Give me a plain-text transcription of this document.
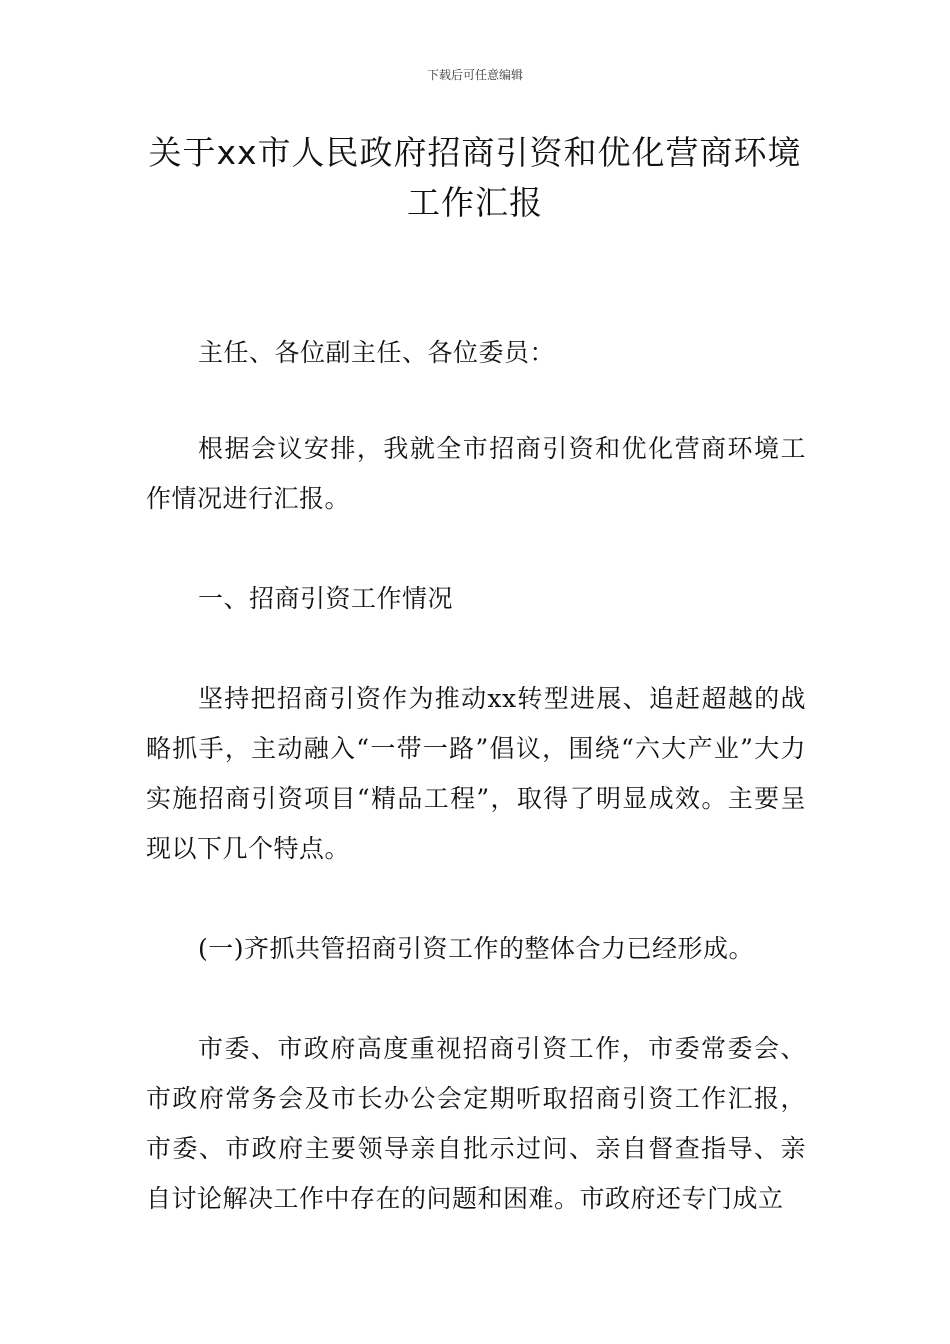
下载后可任意编辑
关于xx市人民政府招商引资和优化营商环境工作汇报

主任、各位副主任、各位委员：

根据会议安排，我就全市招商引资和优化营商环境工作情况进行汇报。

一、招商引资工作情况

坚持把招商引资作为推动xx转型进展、追赶超越的战略抓手，主动融入“一带一路”倡议，围绕“六大产业”大力实施招商引资项目“精品工程”，取得了明显成效。主要呈现以下几个特点。

(一)齐抓共管招商引资工作的整体合力已经形成。

市委、市政府高度重视招商引资工作，市委常委会、市政府常务会及市长办公会定期听取招商引资工作汇报，市委、市政府主要领导亲自批示过问、亲自督查指导、亲自讨论解决工作中存在的问题和困难。市政府还专门成立
